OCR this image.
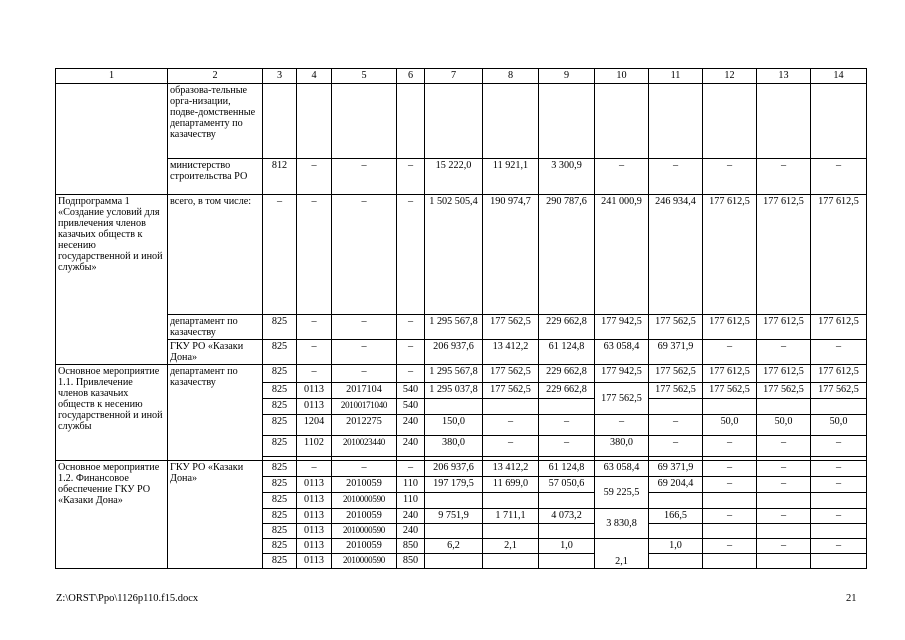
1	2	3	4	5	6	7	8	9	10	11	12	13	14	
	образова-тельные орга-низации, подве-домственные департаменту по казачеству													
	министерство строительства РО	812	–	–	–	15 222,0	11 921,1	3 300,9	–	–	–	–	–	
Подпрограмма 1 «Создание условий для привлечения членов казачьих обществ к несению государственной и иной службы»	всего, в том числе:	–	–	–	–	1 502 505,4	190 974,7	290 787,6	241 000,9	246 934,4	177 612,5	177 612,5	177 612,5	
	департамент по казачеству	825	–	–	–	1 295 567,8	177 562,5	229 662,8	177 942,5	177 562,5	177 612,5	177 612,5	177 612,5	
	ГКУ РО «Казаки Дона»	825	–	–	–	206 937,6	13 412,2	61 124,8	63 058,4	69 371,9	–	–	–	
Основное мероприятие 1.1. Привлечение членов казачьих обществ к несению государственной и иной службы	департамент по казачеству	825	–	–	–	1 295 567,8	177 562,5	229 662,8	177 942,5	177 562,5	177 612,5	177 612,5	177 612,5	
		825	0113	2017104	540	1 295 037,8	177 562,5	229 662,8	177 562,5	177 562,5	177 562,5	177 562,5	177 562,5	
		825	0113	20100171040	540									
		825	1204	2012275	240	150,0	–	–	–	–	50,0	50,0	50,0	
		825	1102	2010023440	240	380,0	–	–	380,0	–	–	–	–	

Основное мероприятие 1.2. Финансовое обеспечение ГКУ РО «Казаки Дона»	ГКУ РО «Казаки Дона»	825	–	–	–	206 937,6	13 412,2	61 124,8	63 058,4	69 371,9	–	–	–	
		825	0113	2010059	110	197 179,5	11 699,0	57 050,6	59 225,5	69 204,4	–	–	–	
		825	0113	2010000590	110									
		825	0113	2010059	240	9 751,9	1 711,1	4 073,2	3 830,8	166,5	–	–	–	
		825	0113	2010000590	240									
		825	0113	2010059	850	6,2	2,1	1,0	2,1	1,0	–	–	–	
		825	0113	2010000590	850									
Z:\ORST\Ppo\1126p110.f15.docx	21
